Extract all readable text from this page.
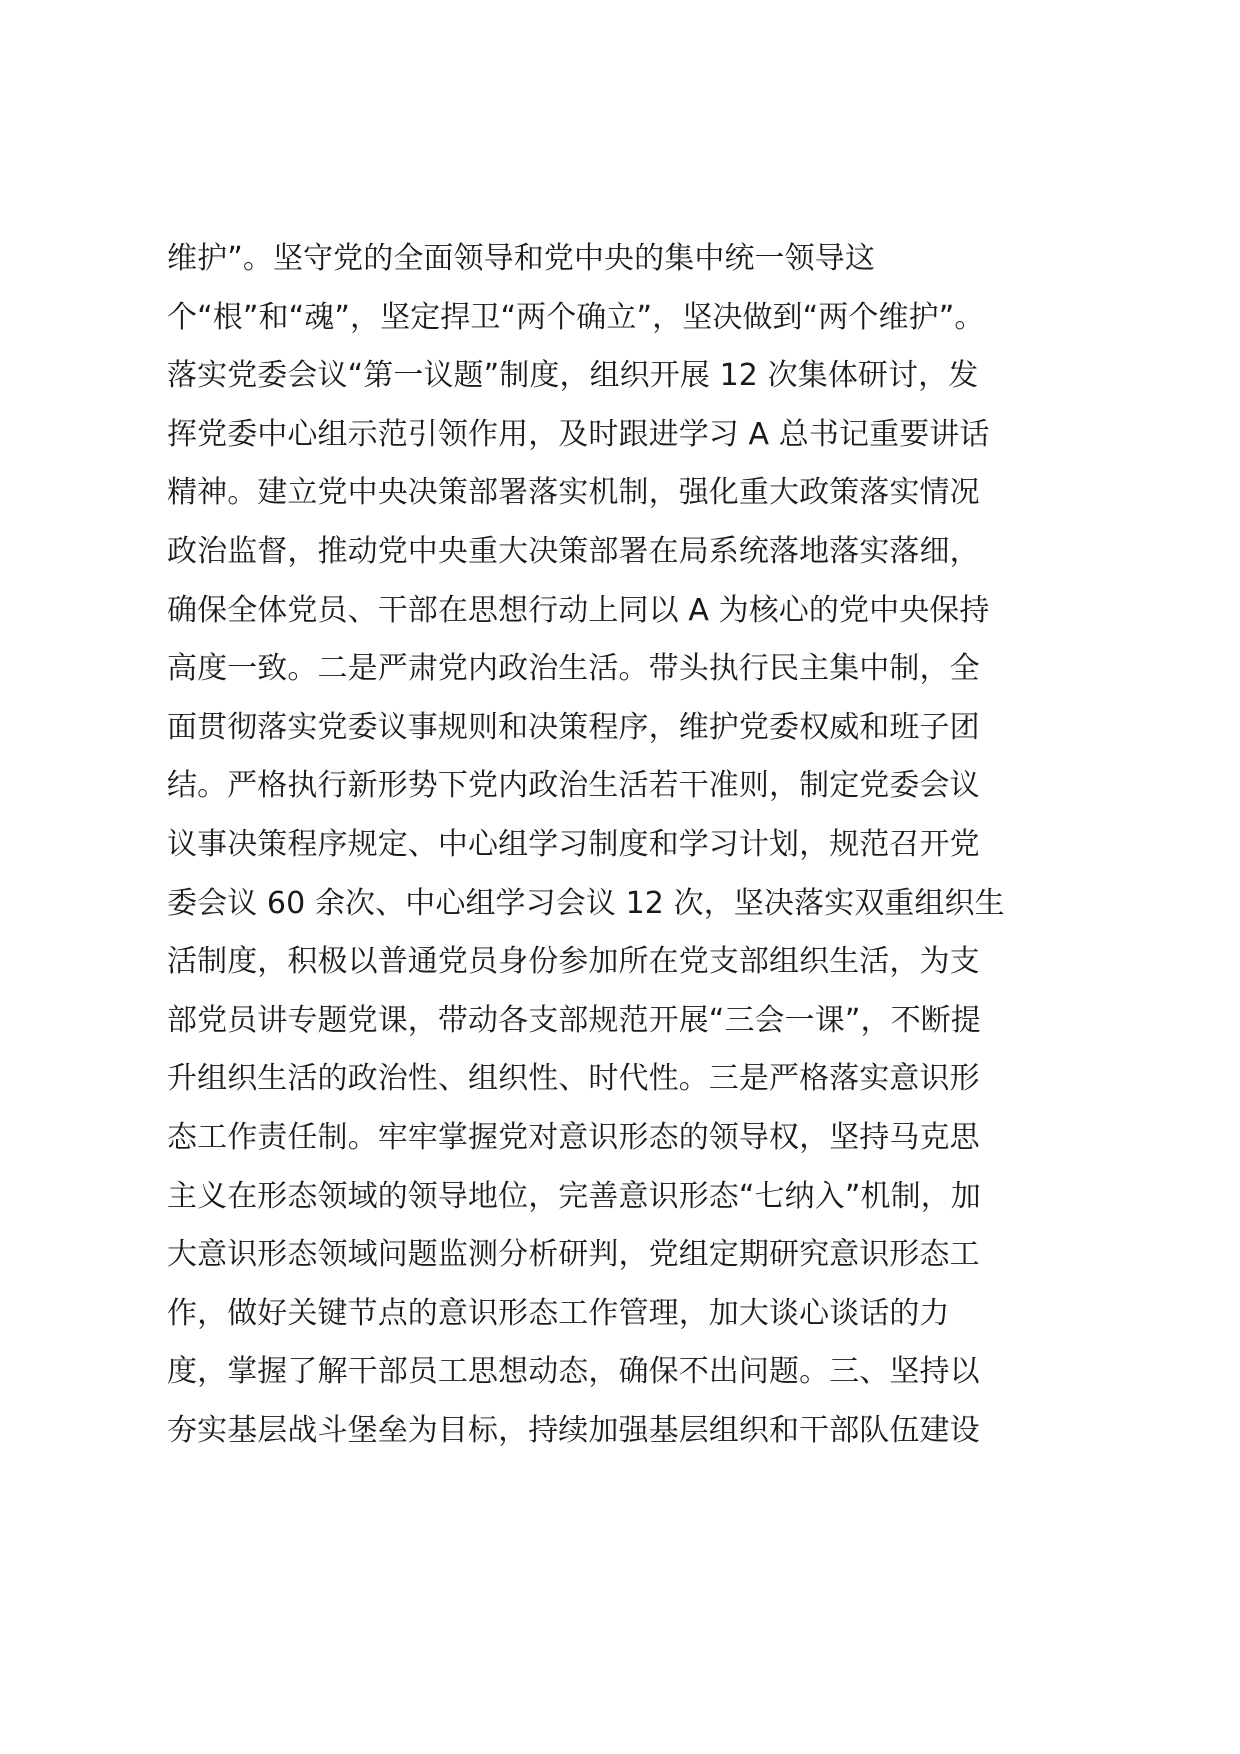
维护”。坚守党的全面领导和党中央的集中统一领导这
个“根”和“魂”，坚定捍卫“两个确立”，坚决做到“两个维护”。
落实党委会议“第一议题”制度，组织开展 12 次集体研讨，发
挥党委中心组示范引领作用，及时跟进学习 A 总书记重要讲话
精神。建立党中央决策部署落实机制，强化重大政策落实情况
政治监督，推动党中央重大决策部署在局系统落地落实落细，
确保全体党员、干部在思想行动上同以 A 为核心的党中央保持
高度一致。二是严肃党内政治生活。带头执行民主集中制，全
面贯彻落实党委议事规则和决策程序，维护党委权威和班子团
结。严格执行新形势下党内政治生活若干准则，制定党委会议
议事决策程序规定、中心组学习制度和学习计划，规范召开党
委会议 60 余次、中心组学习会议 12 次，坚决落实双重组织生
活制度，积极以普通党员身份参加所在党支部组织生活，为支
部党员讲专题党课，带动各支部规范开展“三会一课”，不断提
升组织生活的政治性、组织性、时代性。三是严格落实意识形
态工作责任制。牢牢掌握党对意识形态的领导权，坚持马克思
主义在形态领域的领导地位，完善意识形态“七纳入”机制，加
大意识形态领域问题监测分析研判，党组定期研究意识形态工
作，做好关键节点的意识形态工作管理，加大谈心谈话的力
度，掌握了解干部员工思想动态，确保不出问题。三、坚持以
夯实基层战斗堡垒为目标，持续加强基层组织和干部队伍建设
